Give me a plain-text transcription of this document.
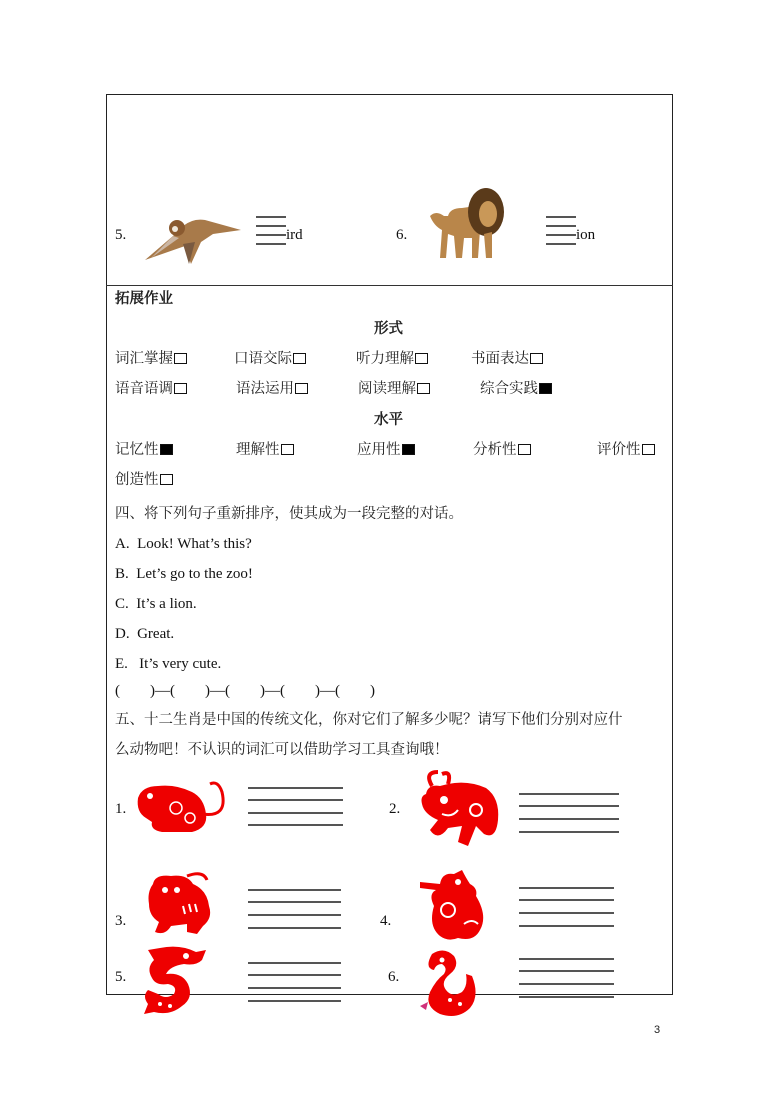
5.	ird	6.	ion
拓展作业
形式
词汇掌握	口语交际	听力理解	书面表达
语音语调	语法运用	阅读理解	综合实践
水平
记忆性	理解性	应用性	分析性	评价性
创造性
四、将下列句子重新排序，使其成为一段完整的对话。
A. Look! What’s this?
B. Let’s go to the zoo!
C. It’s a lion.
D. Great.
E. It’s very cute.
(        )—(        )—(        )—(        )—(        )
五、十二生肖是中国的传统文化，你对它们了解多少呢？请写下他们分别对应什
么动物吧！不认识的词汇可以借助学习工具查询哦！
1.	2.
3.	4.
5.	6.
3
